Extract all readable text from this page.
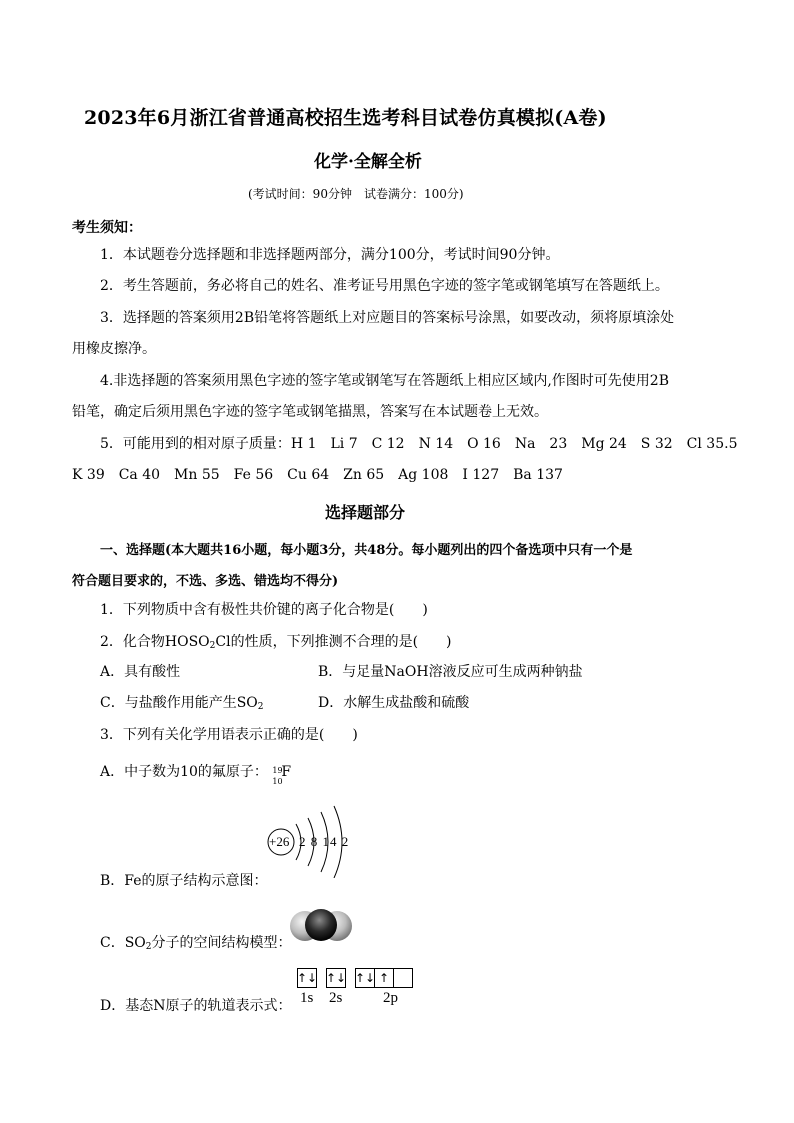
2023年6月浙江省普通高校招生选考科目试卷仿真模拟(A卷)
化学·全解全析
(考试时间：90分钟　试卷满分：100分)
考生须知：
1．本试题卷分选择题和非选择题两部分，满分100分，考试时间90分钟。
2．考生答题前，务必将自己的姓名、准考证号用黑色字迹的签字笔或钢笔填写在答题纸上。
3．选择题的答案须用2B铅笔将答题纸上对应题目的答案标号涂黑，如要改动，须将原填涂处
用橡皮擦净。
4.非选择题的答案须用黑色字迹的签字笔或钢笔写在答题纸上相应区域内,作图时可先使用2B
铅笔，确定后须用黑色字迹的签字笔或钢笔描黑，答案写在本试题卷上无效。
5．可能用到的相对原子质量：H 1　Li 7　C 12　N 14　O 16　Na　23　Mg 24　S 32　Cl 35.5
K 39　Ca 40　Mn 55　Fe 56　Cu 64　Zn 65　Ag 108　I 127　Ba 137
选择题部分
一、选择题(本大题共16小题，每小题3分，共48分。每小题列出的四个备选项中只有一个是
符合题目要求的，不选、多选、错选均不得分)
1．下列物质中含有极性共价键的离子化合物是(　　)
2．化合物$HOSO_2Cl$的性质，下列推测不合理的是(　　)
A．具有酸性	B．与足量NaOH溶液反应可生成两种钠盐
C．与盐酸作用能产生$SO_2$	D．水解生成盐酸和硫酸
3．下列有关化学用语表示正确的是(　　)
A．中子数为10的氟原子： 19
10
F
+26 2 8 14 2
B．Fe的原子结构示意图：
C．$SO_2$分子的空间结构模型：
↑↓ ↑↓ ↑↓ ↑
1s 2s	2p
D．基态N原子的轨道表示式：
